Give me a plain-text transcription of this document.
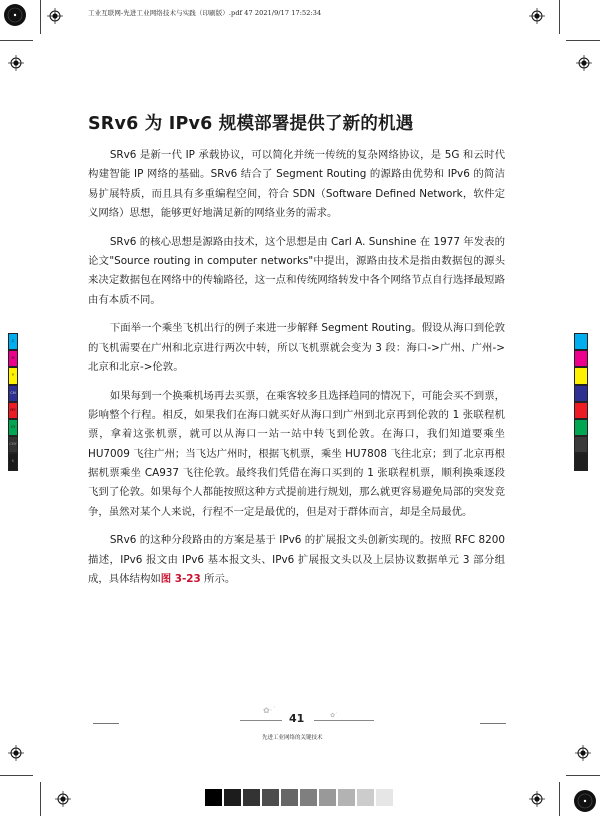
工业互联网-先进工业网络技术与实践（印刷版）.pdf 47 2021/9/17 17:52:34
SRv6 为 IPv6 规模部署提供了新的机遇

SRv6 是新一代 IP 承载协议，可以简化并统一传统的复杂网络协议，是 5G 和云时代构建智能 IP 网络的基础。SRv6 结合了 Segment Routing 的源路由优势和 IPv6 的简洁易扩展特质，而且具有多重编程空间，符合 SDN（Software Defined Network，软件定义网络）思想，能够更好地满足新的网络业务的需求。

SRv6 的核心思想是源路由技术，这个思想是由 Carl A. Sunshine 在 1977 年发表的论文"Source routing in computer networks"中提出，源路由技术是指由数据包的源头来决定数据包在网络中的传输路径，这一点和传统网络转发中各个网络节点自行选择最短路由有本质不同。

下面举一个乘坐飞机出行的例子来进一步解释 Segment Routing。假设从海口到伦敦的飞机需要在广州和北京进行两次中转，所以飞机票就会变为 3 段：海口->广州、广州->北京和北京->伦敦。

如果每到一个换乘机场再去买票，在乘客较多且选择趋同的情况下，可能会买不到票，影响整个行程。相反，如果我们在海口就买好从海口到广州到北京再到伦敦的 1 张联程机票，拿着这张机票，就可以从海口一站一站中转飞到伦敦。在海口，我们知道要乘坐 HU7009 飞往广州；当飞达广州时，根据飞机票，乘坐 HU7808 飞往北京；到了北京再根据机票乘坐 CA937 飞往伦敦。最终我们凭借在海口买到的 1 张联程机票，顺利换乘逐段飞到了伦敦。如果每个人都能按照这种方式提前进行规划，那么就更容易避免局部的突发竞争，虽然对某个人来说，行程不一定是最优的，但是对于群体而言，却是全局最优。

SRv6 的这种分段路由的方案是基于 IPv6 的扩展报文头创新实现的。按照 RFC 8200 描述，IPv6 报文由 IPv6 基本报文头、IPv6 扩展报文头以及上层协议数据单元 3 部分组成，具体结构如图 3-23 所示。

C
M
Y
CM
MY
CY
CMY
K
✿·˙
41	✿˙
先进工业网络的关键技术
